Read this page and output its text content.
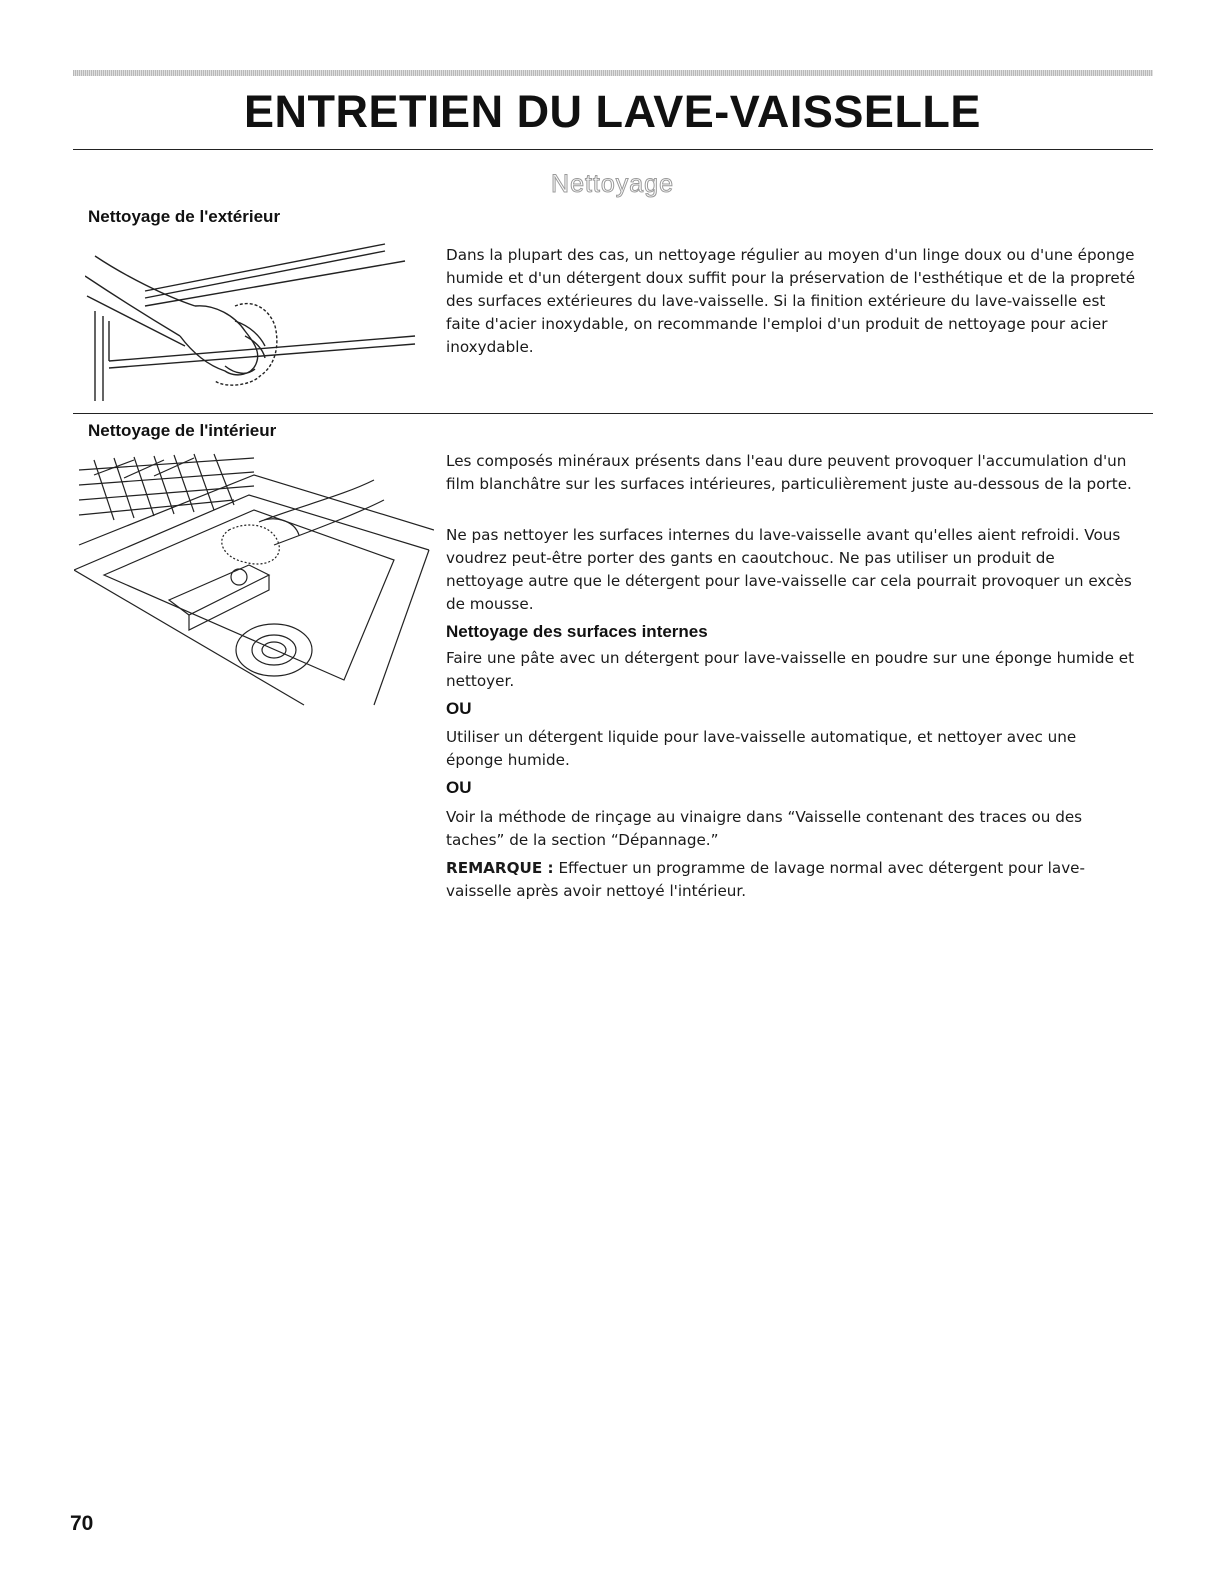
ENTRETIEN DU LAVE-VAISSELLE
Nettoyage
Nettoyage de l'extérieur

Dans la plupart des cas, un nettoyage régulier au moyen d'un linge doux ou d'une éponge humide et d'un détergent doux suffit pour la préservation de l'esthétique et de la propreté des surfaces extérieures du lave-vaisselle. Si la finition extérieure du lave-vaisselle est faite d'acier inoxydable, on recommande l'emploi d'un produit de nettoyage pour acier inoxydable.

Nettoyage de l'intérieur

Les composés minéraux présents dans l'eau dure peuvent provoquer l'accumulation d'un film blanchâtre sur les surfaces intérieures, particulièrement juste au-dessous de la porte.

Ne pas nettoyer les surfaces internes du lave-vaisselle avant qu'elles aient refroidi. Vous voudrez peut-être porter des gants en caoutchouc. Ne pas utiliser un produit de nettoyage autre que le détergent pour lave-vaisselle car cela pourrait provoquer un excès de mousse.

Nettoyage des surfaces internes

Faire une pâte avec un détergent pour lave-vaisselle en poudre sur une éponge humide et nettoyer.

OU

Utiliser un détergent liquide pour lave-vaisselle automatique, et nettoyer avec une éponge humide.

OU

Voir la méthode de rinçage au vinaigre dans “Vaisselle contenant des traces ou des taches” de la section “Dépannage.”

REMARQUE : Effectuer un programme de lavage normal avec détergent pour lave-vaisselle après avoir nettoyé l'intérieur.

70
